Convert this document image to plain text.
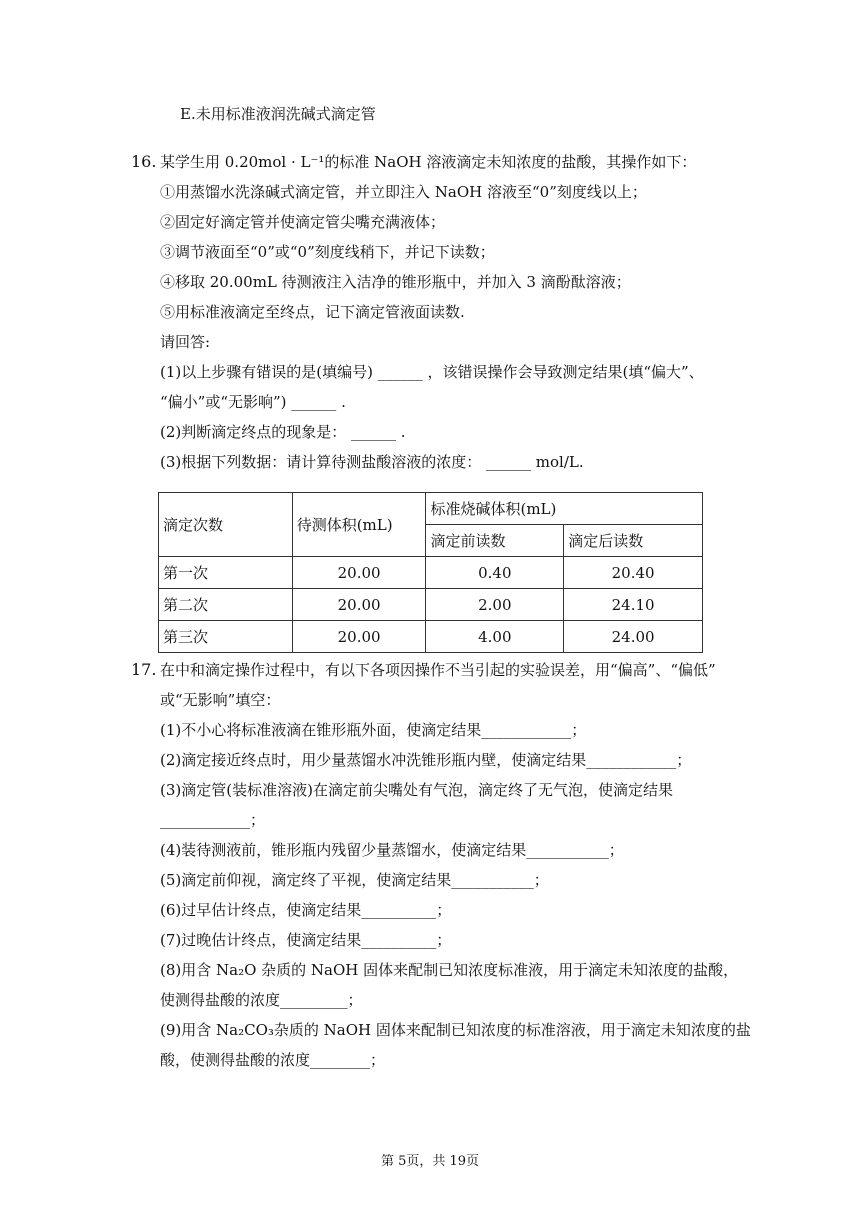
E.未用标准液润洗碱式滴定管
16. 某学生用 0.20mol · L⁻¹的标准 NaOH 溶液滴定未知浓度的盐酸，其操作如下：
①用蒸馏水洗涤碱式滴定管，并立即注入 NaOH 溶液至“0”刻度线以上；
②固定好滴定管并使滴定管尖嘴充满液体；
③调节液面至“0”或“0”刻度线稍下，并记下读数；
④移取 20.00mL 待测液注入洁净的锥形瓶中，并加入 3 滴酚酞溶液；
⑤用标准液滴定至终点，记下滴定管液面读数.
请回答:
(1)以上步骤有错误的是(填编号) ______ ，该错误操作会导致测定结果(填“偏大”、
“偏小”或“无影响”) ______ .
(2)判断滴定终点的现象是： ______ .
(3)根据下列数据：请计算待测盐酸溶液的浓度： ______ mol/L.
滴定次数	待测体积(mL)	标准烧碱体积(mL)	
		滴定前读数	滴定后读数
第一次	20.00	0.40	20.40
第二次	20.00	2.00	24.10
第三次	20.00	4.00	24.00
17. 在中和滴定操作过程中，有以下各项因操作不当引起的实验误差，用“偏高”、“偏低”
或“无影响”填空：
(1)不小心将标准液滴在锥形瓶外面，使滴定结果____________；
(2)滴定接近终点时，用少量蒸馏水冲洗锥形瓶内壁，使滴定结果____________；
(3)滴定管(装标准溶液)在滴定前尖嘴处有气泡，滴定终了无气泡，使滴定结果
____________；
(4)装待测液前，锥形瓶内残留少量蒸馏水，使滴定结果___________；
(5)滴定前仰视，滴定终了平视，使滴定结果___________；
(6)过早估计终点，使滴定结果__________；
(7)过晚估计终点，使滴定结果__________；
(8)用含 Na₂O 杂质的 NaOH 固体来配制已知浓度标准液，用于滴定未知浓度的盐酸，
使测得盐酸的浓度_________；
(9)用含 Na₂CO₃杂质的 NaOH 固体来配制已知浓度的标准溶液，用于滴定未知浓度的盐
酸，使测得盐酸的浓度________；
第 5页，共 19页
